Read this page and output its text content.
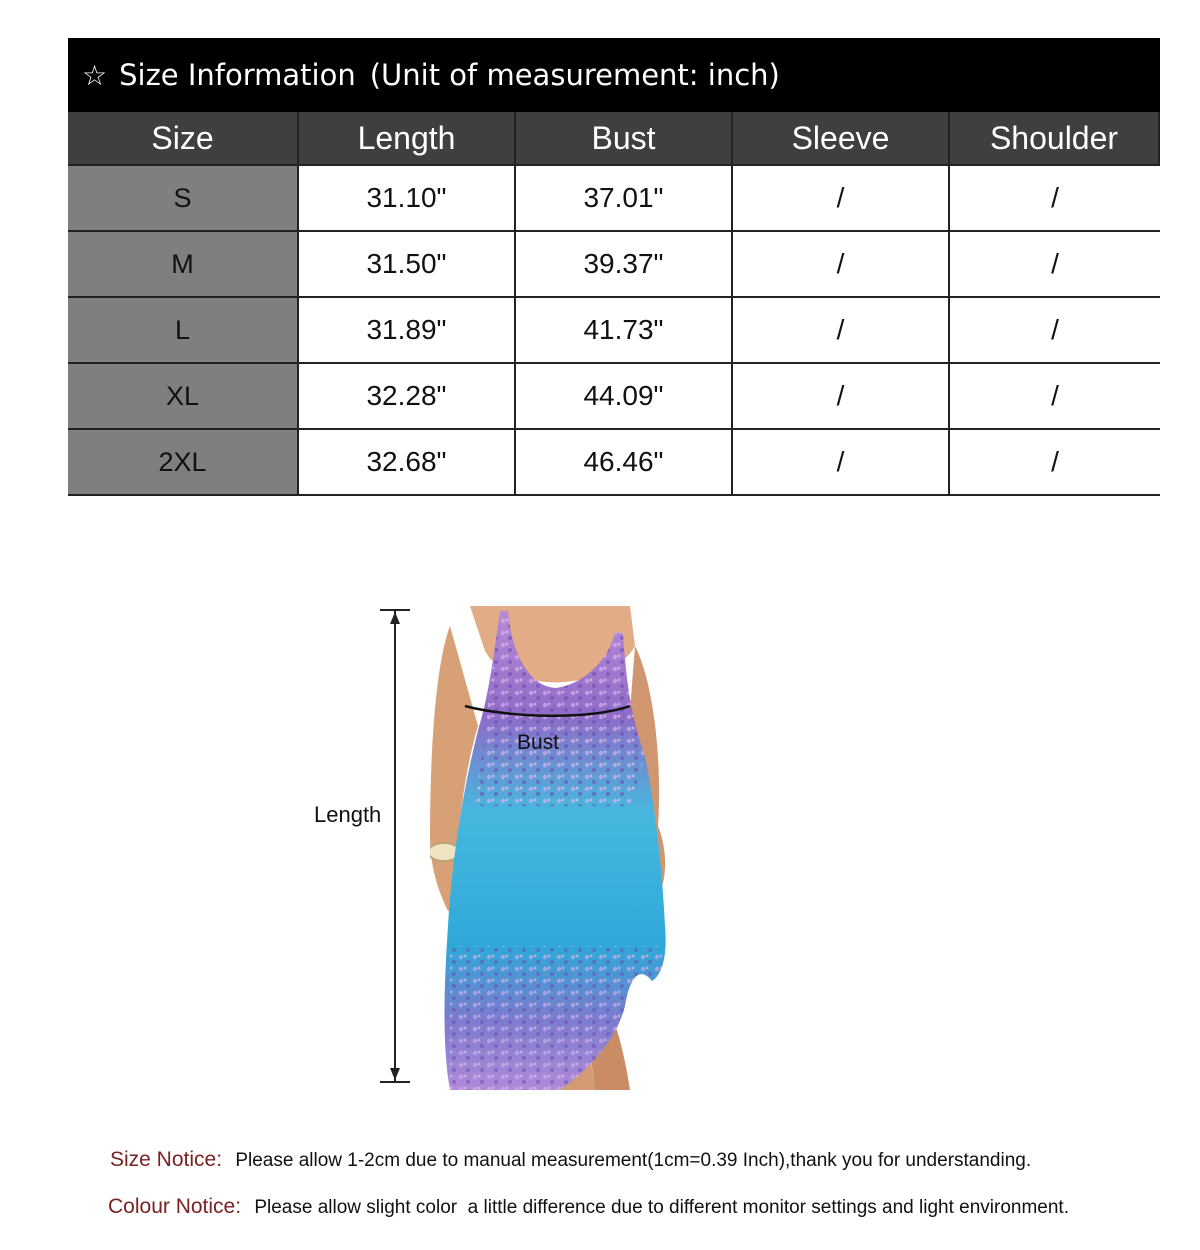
☆ Size Information (Unit of measurement: inch)
Size	Length	Bust	Sleeve	Shoulder
S	31.10"	37.01"	/	/
M	31.50"	39.37"	/	/
L	31.89"	41.73"	/	/
XL	32.28"	44.09"	/	/
2XL	32.68"	46.46"	/	/
Length
Bust
Size Notice: Please allow 1-2cm due to manual measurement(1cm=0.39 Inch),thank you for understanding.
Colour Notice: Please allow slight color  a little difference due to different monitor settings and light environment.
